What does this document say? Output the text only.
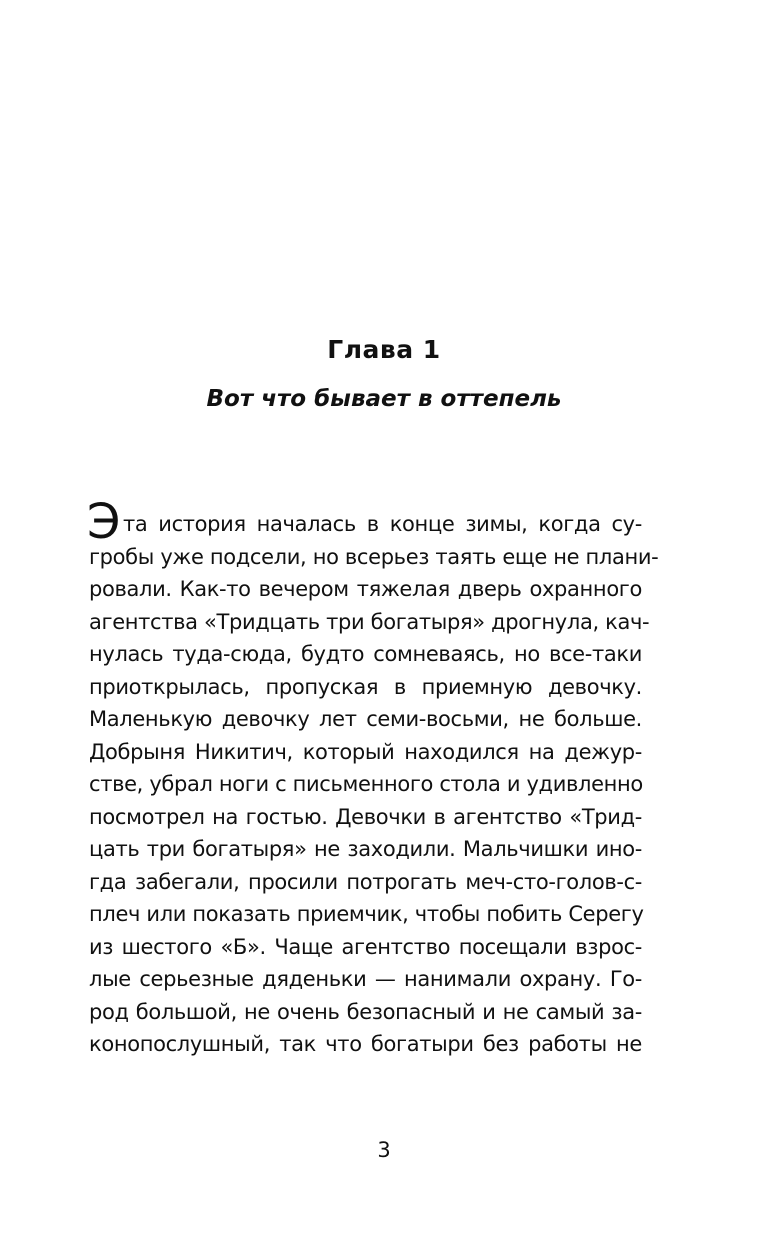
Глава 1
Вот что бывает в оттепель
Э та история началась в конце зимы, когда су-
гробы уже подсели, но всерьез таять еще не плани-
ровали. Как-то вечером тяжелая дверь охранного
агентства «Тридцать три богатыря» дрогнула, кач-
нулась туда-сюда, будто сомневаясь, но все-таки
приоткрылась, пропуская в приемную девочку.
Маленькую девочку лет семи-восьми, не больше.
Добрыня Никитич, который находился на дежур-
стве, убрал ноги с письменного стола и удивленно
посмотрел на гостью. Девочки в агентство «Трид-
цать три богатыря» не заходили. Мальчишки ино-
гда забегали, просили потрогать меч-сто-голов-с-
плеч или показать приемчик, чтобы побить Серегу
из шестого «Б». Чаще агентство посещали взрос-
лые серьезные дяденьки — нанимали охрану. Го-
род большой, не очень безопасный и не самый за-
конопослушный, так что богатыри без работы не
3
